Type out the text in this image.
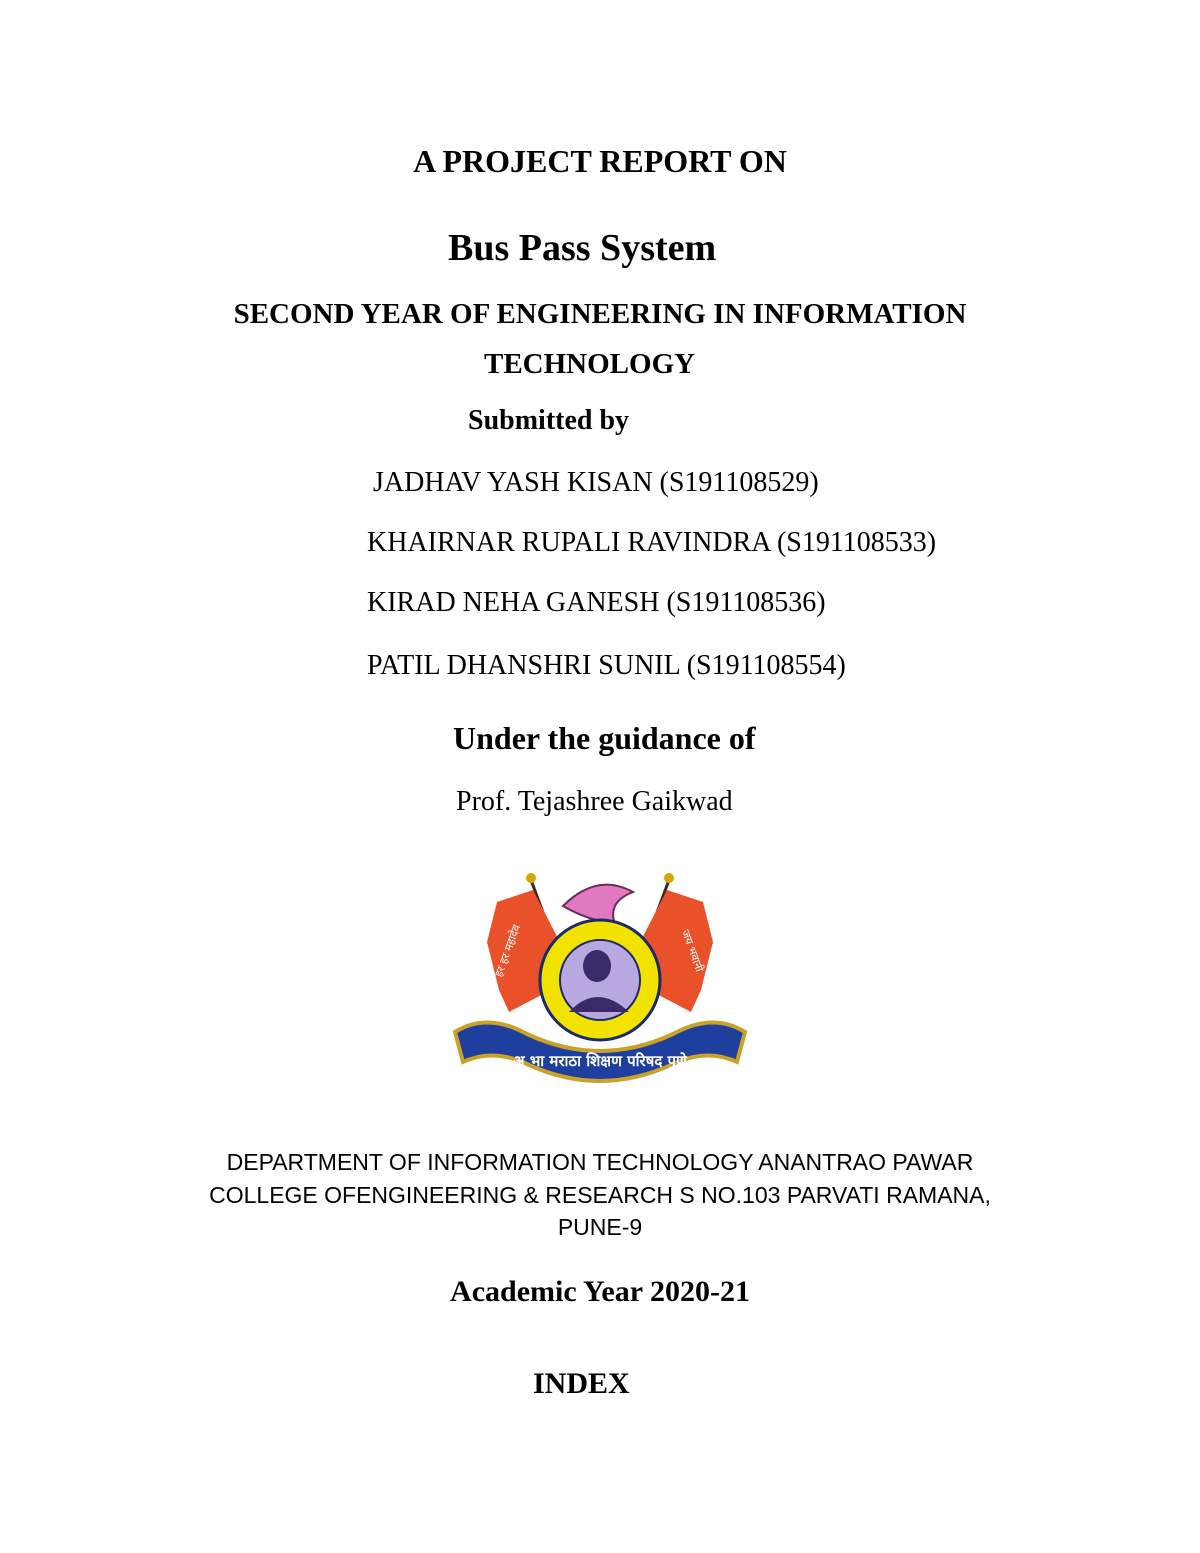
A PROJECT REPORT ON
Bus Pass System
SECOND YEAR OF ENGINEERING IN INFORMATION
TECHNOLOGY
Submitted by
JADHAV YASH KISAN (S191108529)
KHAIRNAR RUPALI RAVINDRA (S191108533)
KIRAD NEHA GANESH (S191108536)
PATIL DHANSHRI SUNIL (S191108554)
Under the guidance of
Prof. Tejashree Gaikwad
अ भा मराठा शिक्षण परिषद पुणे
हर हर महादेव	जय भवानी
DEPARTMENT OF INFORMATION TECHNOLOGY ANANTRAO PAWAR
COLLEGE OFENGINEERING & RESEARCH S NO.103 PARVATI RAMANA,
PUNE-9
Academic Year 2020-21
INDEX
